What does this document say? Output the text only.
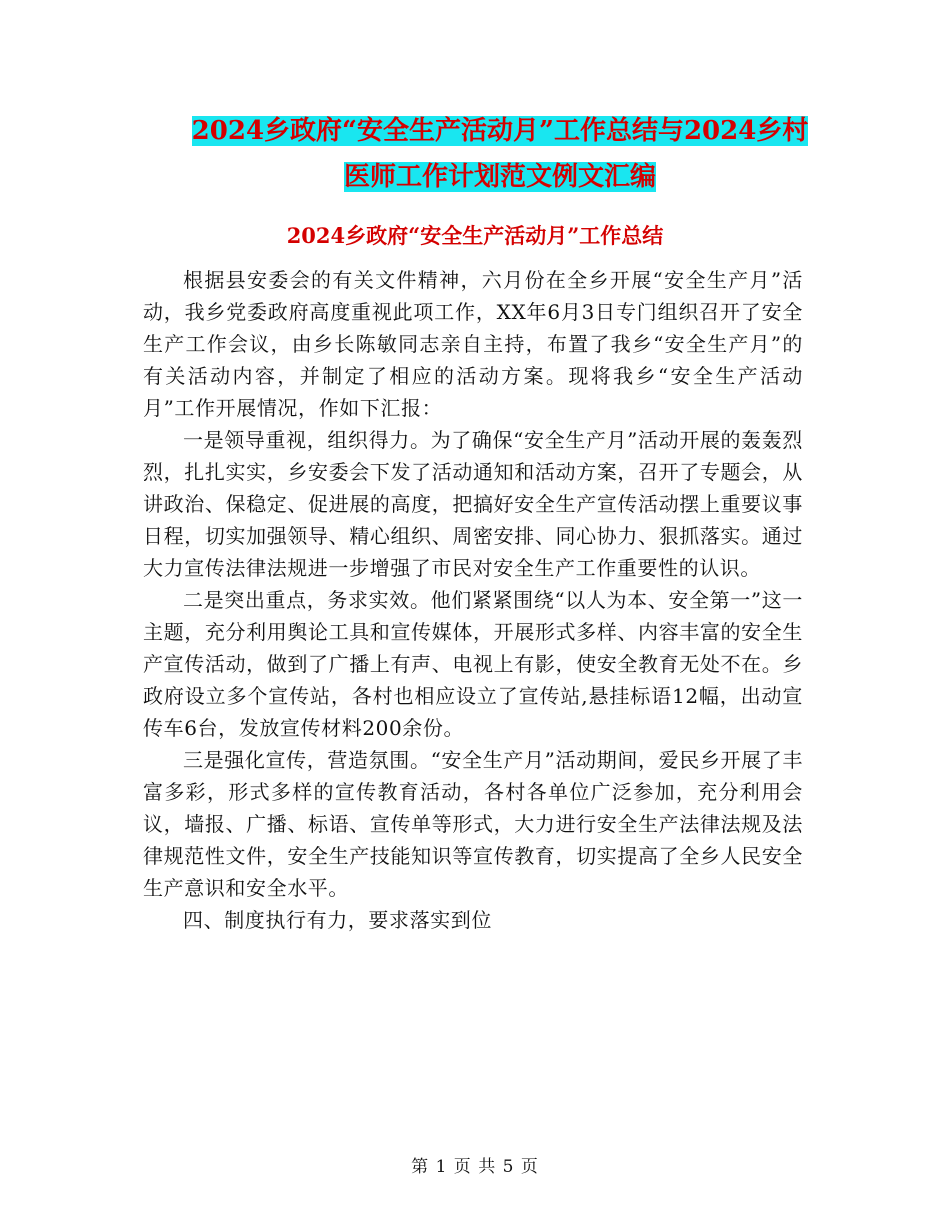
2024乡政府“安全生产活动月”工作总结与2024乡村
医师工作计划范文例文汇编
2024乡政府“安全生产活动月”工作总结

根据县安委会的有关文件精神，六月份在全乡开展“安全生产月”活动，我乡党委政府高度重视此项工作，XX年6月3日专门组织召开了安全生产工作会议，由乡长陈敏同志亲自主持，布置了我乡“安全生产月”的有关活动内容，并制定了相应的活动方案。现将我乡“安全生产活动月”工作开展情况，作如下汇报：

一是领导重视，组织得力。为了确保“安全生产月”活动开展的轰轰烈烈，扎扎实实，乡安委会下发了活动通知和活动方案，召开了专题会，从讲政治、保稳定、促进展的高度，把搞好安全生产宣传活动摆上重要议事日程，切实加强领导、精心组织、周密安排、同心协力、狠抓落实。通过大力宣传法律法规进一步增强了市民对安全生产工作重要性的认识。

二是突出重点，务求实效。他们紧紧围绕“以人为本、安全第一”这一主题，充分利用舆论工具和宣传媒体，开展形式多样、内容丰富的安全生产宣传活动，做到了广播上有声、电视上有影，使安全教育无处不在。乡政府设立多个宣传站，各村也相应设立了宣传站,悬挂标语12幅，出动宣传车6台，发放宣传材料200余份。

三是强化宣传，营造氛围。“安全生产月”活动期间，爱民乡开展了丰富多彩，形式多样的宣传教育活动，各村各单位广泛参加，充分利用会议，墙报、广播、标语、宣传单等形式，大力进行安全生产法律法规及法律规范性文件，安全生产技能知识等宣传教育，切实提高了全乡人民安全生产意识和安全水平。

四、制度执行有力，要求落实到位

第 1 页 共 5 页
